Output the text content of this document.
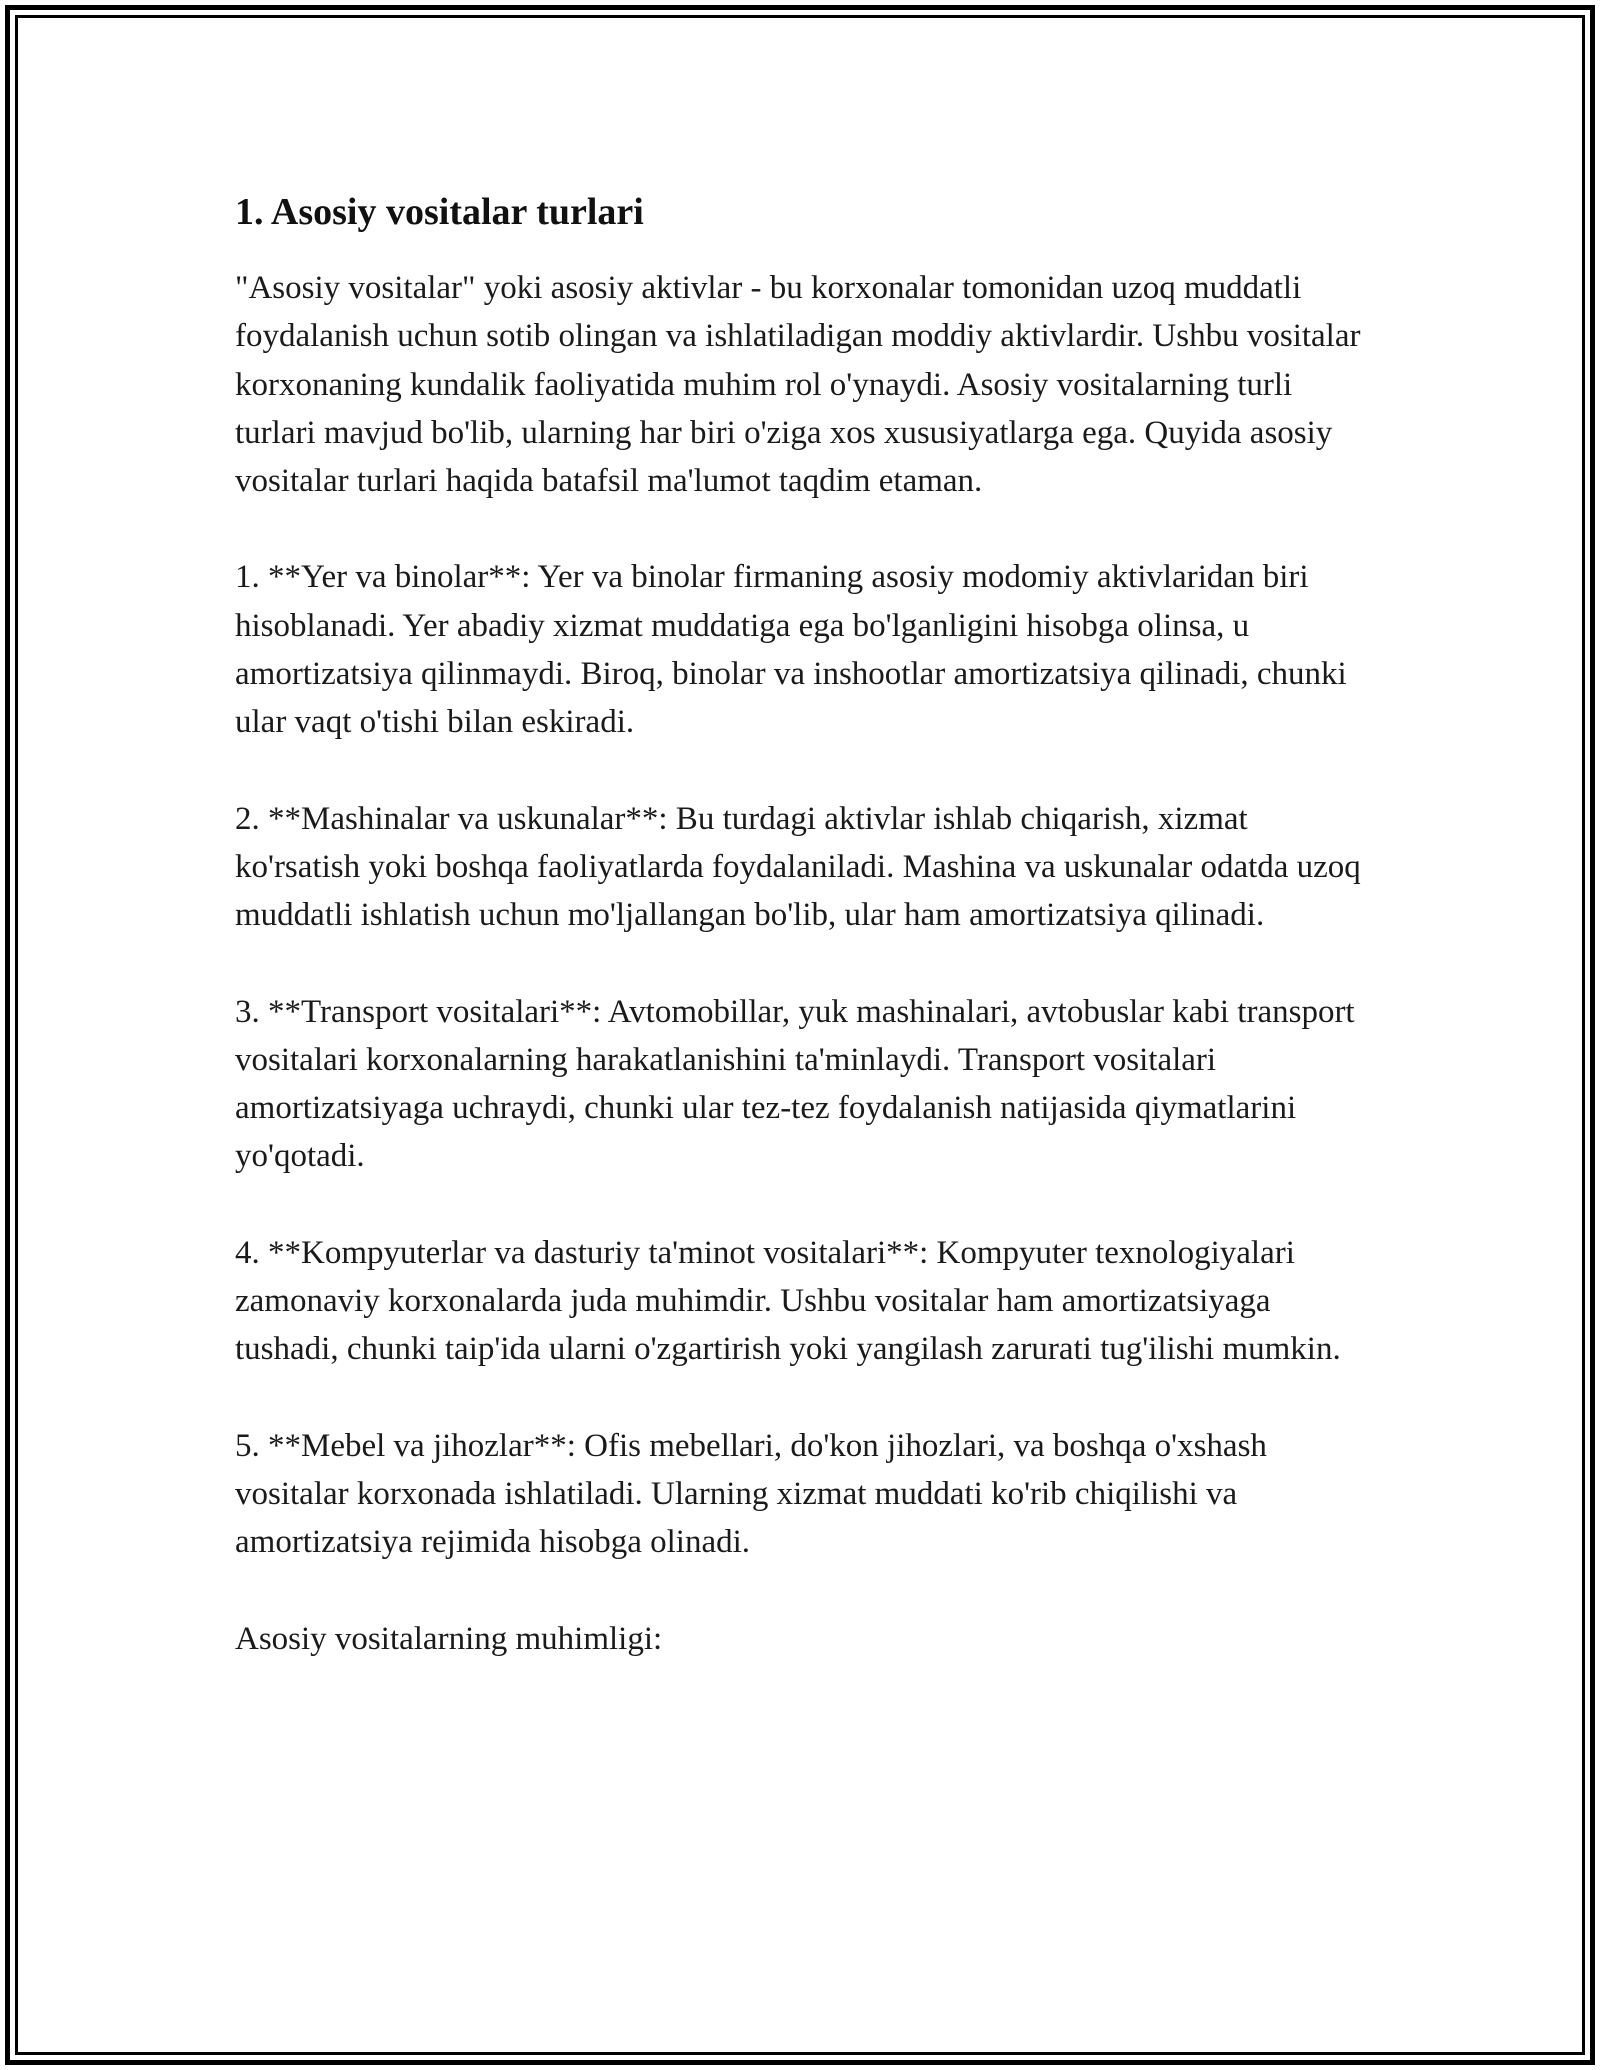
1. Asosiy vositalar turlari

"Asosiy vositalar" yoki asosiy aktivlar - bu korxonalar tomonidan uzoq muddatli foydalanish uchun sotib olingan va ishlatiladigan moddiy aktivlardir. Ushbu vositalar korxonaning kundalik faoliyatida muhim rol o'ynaydi. Asosiy vositalarning turli turlari mavjud bo'lib, ularning har biri o'ziga xos xususiyatlarga ega. Quyida asosiy vositalar turlari haqida batafsil ma'lumot taqdim etaman.

1. **Yer va binolar**: Yer va binolar firmaning asosiy modomiy aktivlaridan biri hisoblanadi. Yer abadiy xizmat muddatiga ega bo'lganligini hisobga olinsa, u amortizatsiya qilinmaydi. Biroq, binolar va inshootlar amortizatsiya qilinadi, chunki ular vaqt o'tishi bilan eskiradi.

2. **Mashinalar va uskunalar**: Bu turdagi aktivlar ishlab chiqarish, xizmat ko'rsatish yoki boshqa faoliyatlarda foydalaniladi. Mashina va uskunalar odatda uzoq muddatli ishlatish uchun mo'ljallangan bo'lib, ular ham amortizatsiya qilinadi.

3. **Transport vositalari**: Avtomobillar, yuk mashinalari, avtobuslar kabi transport vositalari korxonalarning harakatlanishini ta'minlaydi. Transport vositalari amortizatsiyaga uchraydi, chunki ular tez-tez foydalanish natijasida qiymatlarini yo'qotadi.

4. **Kompyuterlar va dasturiy ta'minot vositalari**: Kompyuter texnologiyalari zamonaviy korxonalarda juda muhimdir. Ushbu vositalar ham amortizatsiyaga tushadi, chunki taip'ida ularni o'zgartirish yoki yangilash zarurati tug'ilishi mumkin.

5. **Mebel va jihozlar**: Ofis mebellari, do'kon jihozlari, va boshqa o'xshash vositalar korxonada ishlatiladi. Ularning xizmat muddati ko'rib chiqilishi va amortizatsiya rejimida hisobga olinadi.

Asosiy vositalarning muhimligi:
